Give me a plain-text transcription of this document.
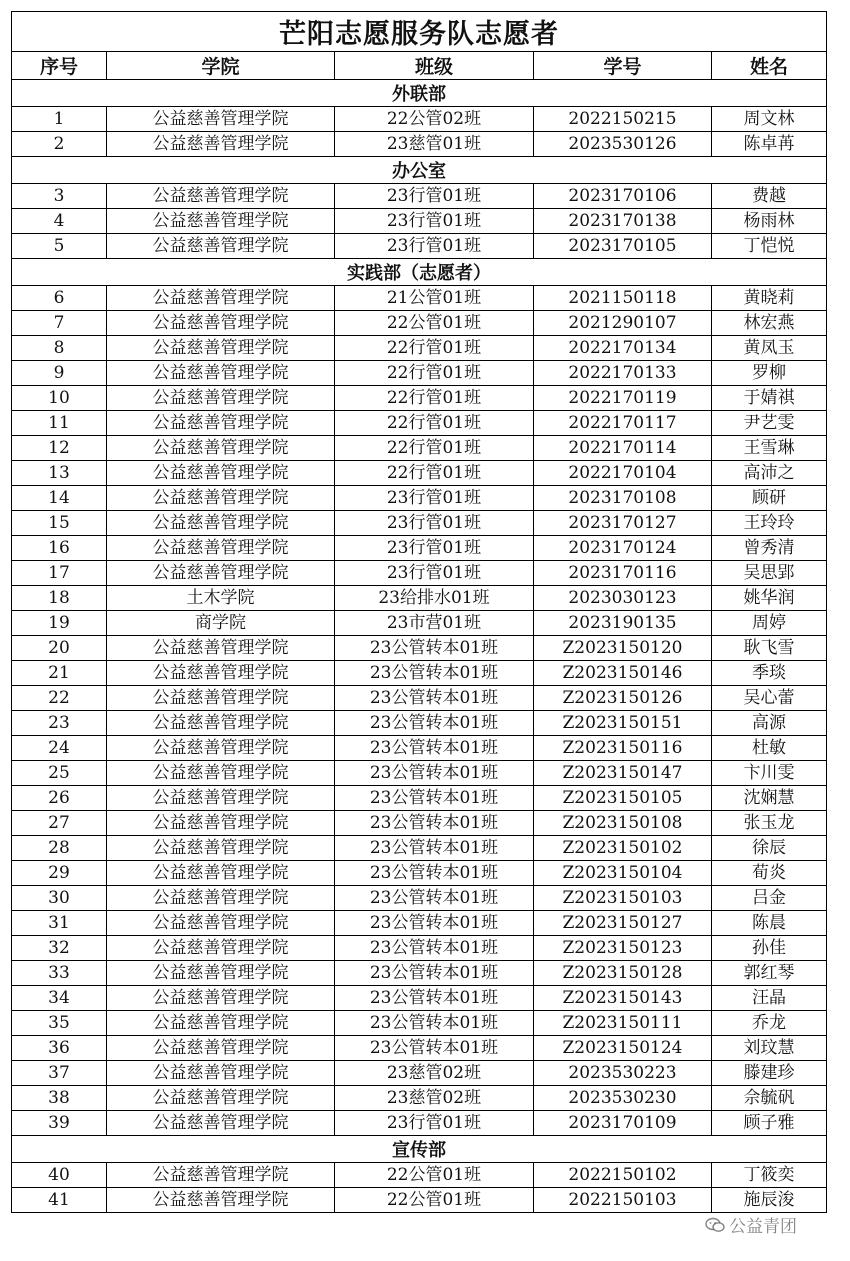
芒阳志愿服务队志愿者				
序号	学院	班级	学号	姓名
外联部				
1	公益慈善管理学院	22公管02班	2022150215	周文林
2	公益慈善管理学院	23慈管01班	2023530126	陈卓苒
办公室				
3	公益慈善管理学院	23行管01班	2023170106	费越
4	公益慈善管理学院	23行管01班	2023170138	杨雨林
5	公益慈善管理学院	23行管01班	2023170105	丁恺悦
实践部（志愿者）				
6	公益慈善管理学院	21公管01班	2021150118	黄晓莉
7	公益慈善管理学院	22公管01班	2021290107	林宏燕
8	公益慈善管理学院	22行管01班	2022170134	黄凤玉
9	公益慈善管理学院	22行管01班	2022170133	罗柳
10	公益慈善管理学院	22行管01班	2022170119	于婧祺
11	公益慈善管理学院	22行管01班	2022170117	尹艺雯
12	公益慈善管理学院	22行管01班	2022170114	王雪琳
13	公益慈善管理学院	22行管01班	2022170104	高沛之
14	公益慈善管理学院	23行管01班	2023170108	顾研
15	公益慈善管理学院	23行管01班	2023170127	王玲玲
16	公益慈善管理学院	23行管01班	2023170124	曾秀清
17	公益慈善管理学院	23行管01班	2023170116	吴思郢
18	土木学院	23给排水01班	2023030123	姚华润
19	商学院	23市营01班	2023190135	周婷
20	公益慈善管理学院	23公管转本01班	Z2023150120	耿飞雪
21	公益慈善管理学院	23公管转本01班	Z2023150146	季琰
22	公益慈善管理学院	23公管转本01班	Z2023150126	吴心蕾
23	公益慈善管理学院	23公管转本01班	Z2023150151	高源
24	公益慈善管理学院	23公管转本01班	Z2023150116	杜敏
25	公益慈善管理学院	23公管转本01班	Z2023150147	卞川雯
26	公益慈善管理学院	23公管转本01班	Z2023150105	沈娴慧
27	公益慈善管理学院	23公管转本01班	Z2023150108	张玉龙
28	公益慈善管理学院	23公管转本01班	Z2023150102	徐辰
29	公益慈善管理学院	23公管转本01班	Z2023150104	荀炎
30	公益慈善管理学院	23公管转本01班	Z2023150103	吕金
31	公益慈善管理学院	23公管转本01班	Z2023150127	陈晨
32	公益慈善管理学院	23公管转本01班	Z2023150123	孙佳
33	公益慈善管理学院	23公管转本01班	Z2023150128	郭红琴
34	公益慈善管理学院	23公管转本01班	Z2023150143	汪晶
35	公益慈善管理学院	23公管转本01班	Z2023150111	乔龙
36	公益慈善管理学院	23公管转本01班	Z2023150124	刘玟慧
37	公益慈善管理学院	23慈管02班	2023530223	滕建珍
38	公益慈善管理学院	23慈管02班	2023530230	佘毓矾
39	公益慈善管理学院	23行管01班	2023170109	顾子雅
宣传部				
40	公益慈善管理学院	22公管01班	2022150102	丁筱奕
41	公益慈善管理学院	22公管01班	2022150103	施辰浚
公益青团
